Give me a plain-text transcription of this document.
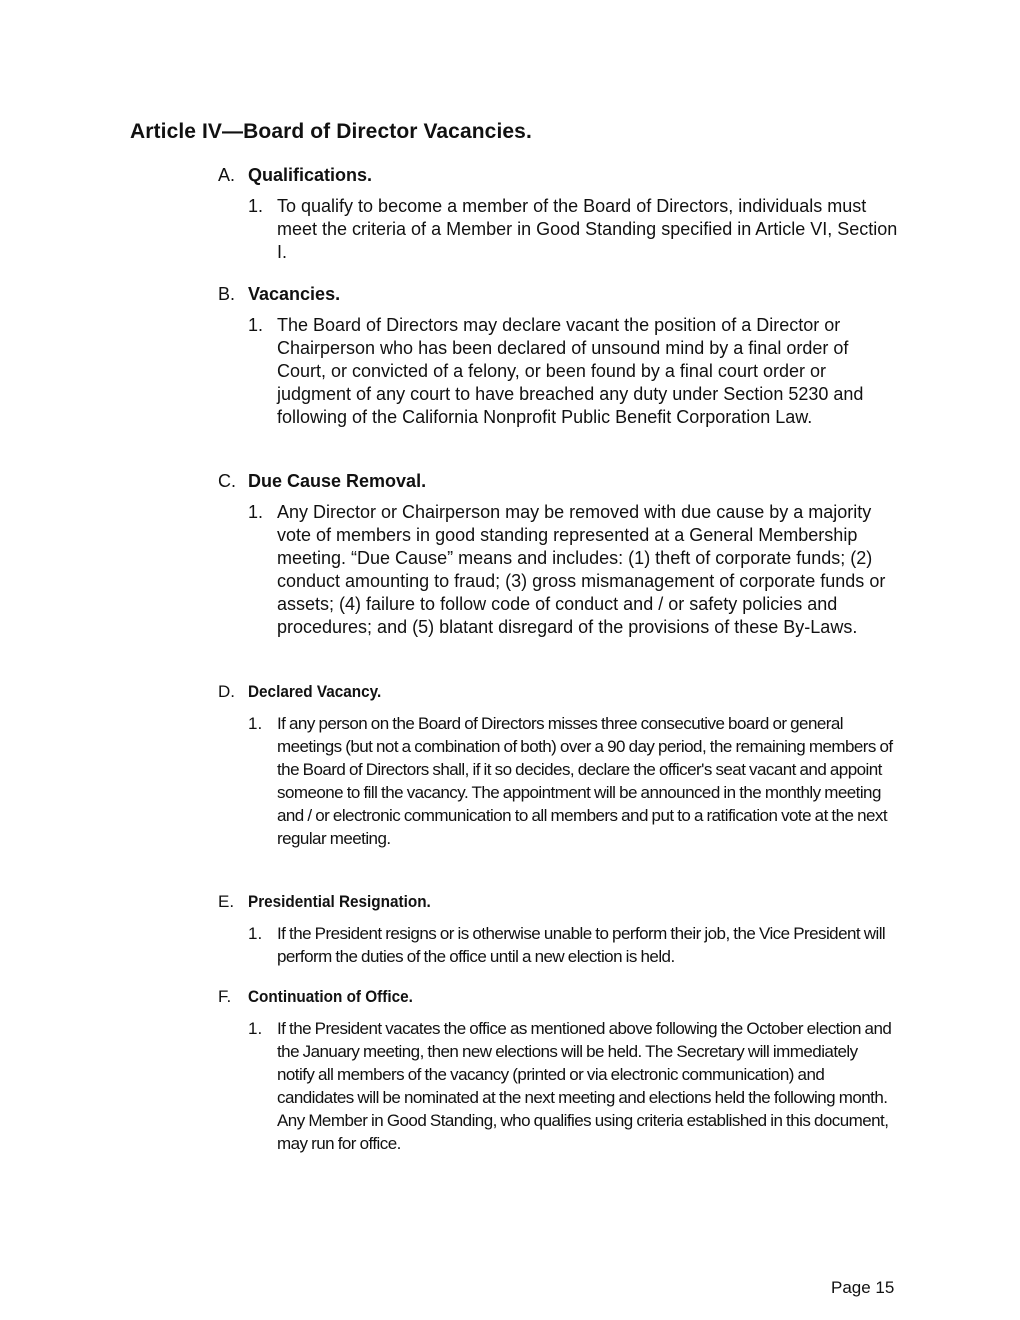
Article IV—Board of Director Vacancies.
A. Qualifications.
1. To qualify to become a member of the Board of Directors, individuals must meet the criteria of a Member in Good Standing specified in Article VI, Section I.
B. Vacancies.
1. The Board of Directors may declare vacant the position of a Director or Chairperson who has been declared of unsound mind by a final order of Court, or convicted of a felony, or been found by a final court order or judgment of any court to have breached any duty under Section 5230 and following of the California Nonprofit Public Benefit Corporation Law.
C. Due Cause Removal.
1. Any Director or Chairperson may be removed with due cause by a majority vote of members in good standing represented at a General Membership meeting. “Due Cause” means and includes: (1) theft of corporate funds; (2) conduct amounting to fraud; (3) gross mismanagement of corporate funds or assets; (4) failure to follow code of conduct and / or safety policies and procedures; and (5) blatant disregard of the provisions of these By-Laws.
D. Declared Vacancy.
1. If any person on the Board of Directors misses three consecutive board or general meetings (but not a combination of both) over a 90 day period, the remaining members of the Board of Directors shall, if it so decides, declare the officer's seat vacant and appoint someone to fill the vacancy. The appointment will be announced in the monthly meeting and / or electronic communication to all members and put to a ratification vote at the next regular meeting.
E. Presidential Resignation.
1. If the President resigns or is otherwise unable to perform their job, the Vice President will perform the duties of the office until a new election is held.
F. Continuation of Office.
1. If the President vacates the office as mentioned above following the October election and the January meeting, then new elections will be held. The Secretary will immediately notify all members of the vacancy (printed or via electronic communication) and candidates will be nominated at the next meeting and elections held the following month. Any Member in Good Standing, who qualifies using criteria established in this document, may run for office.
Page 15
